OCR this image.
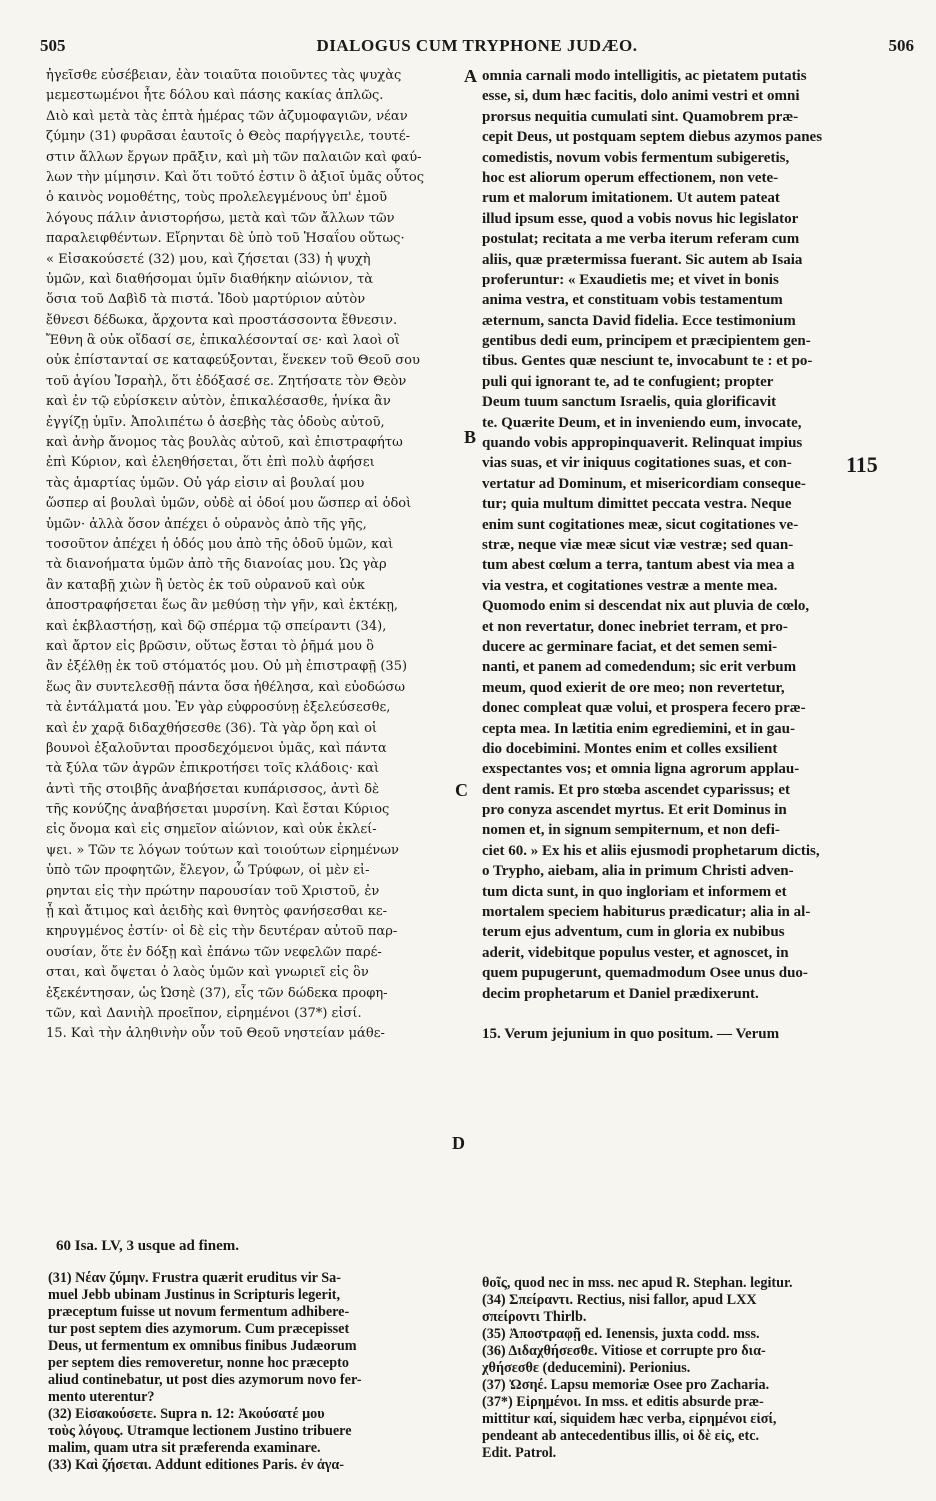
DIALOGUS CUM TRYPHONE JUDÆO.
505	506
ἡγεῖσθε εὐσέβειαν, ἐὰν τοιαῦτα ποιοῦντες τὰς ψυχὰς
μεμεστωμένοι ἦτε δόλου καὶ πάσης κακίας ἁπλῶς.
Διὸ καὶ μετὰ τὰς ἑπτὰ ἡμέρας τῶν ἀζυμοφαγιῶν, νέαν
ζύμην (31) φυρᾶσαι ἑαυτοῖς ὁ Θεὸς παρήγγειλε, τουτέ-
στιν ἄλλων ἔργων πρᾶξιν, καὶ μὴ τῶν παλαιῶν καὶ φαύ-
λων τὴν μίμησιν. Καὶ ὅτι τοῦτό ἐστιν ὃ ἀξιοῖ ὑμᾶς οὗτος
ὁ καινὸς νομοθέτης, τοὺς προλελεγμένους ὑπ' ἐμοῦ
λόγους πάλιν ἀνιστορήσω, μετὰ καὶ τῶν ἄλλων τῶν
παραλειφθέντων. Εἴρηνται δὲ ὑπὸ τοῦ Ἡσαΐου οὕτως·
« Εἰσακούσετέ (32) μου, καὶ ζήσεται (33) ἡ ψυχὴ
ὑμῶν, καὶ διαθήσομαι ὑμῖν διαθήκην αἰώνιον, τὰ
ὅσια τοῦ Δαβὶδ τὰ πιστά. Ἰδοὺ μαρτύριον αὐτὸν
ἔθνεσι δέδωκα, ἄρχοντα καὶ προστάσσοντα ἔθνεσιν.
Ἔθνη ἃ οὐκ οἴδασί σε, ἐπικαλέσονταί σε· καὶ λαοὶ οἳ
οὐκ ἐπίστανταί σε καταφεύξονται, ἕνεκεν τοῦ Θεοῦ σου
τοῦ ἁγίου Ἰσραὴλ, ὅτι ἐδόξασέ σε. Ζητήσατε τὸν Θεὸν
καὶ ἐν τῷ εὑρίσκειν αὐτὸν, ἐπικαλέσασθε, ἡνίκα ἂν
ἐγγίζῃ ὑμῖν. Ἀπολιπέτω ὁ ἀσεβὴς τὰς ὁδοὺς αὐτοῦ,
καὶ ἀνὴρ ἄνομος τὰς βουλὰς αὐτοῦ, καὶ ἐπιστραφήτω
ἐπὶ Κύριον, καὶ ἐλεηθήσεται, ὅτι ἐπὶ πολὺ ἀφήσει
τὰς ἁμαρτίας ὑμῶν. Οὐ γάρ εἰσιν αἱ βουλαί μου
ὥσπερ αἱ βουλαὶ ὑμῶν, οὐδὲ αἱ ὁδοί μου ὥσπερ αἱ ὁδοὶ
ὑμῶν· ἀλλὰ ὅσον ἀπέχει ὁ οὐρανὸς ἀπὸ τῆς γῆς,
τοσοῦτον ἀπέχει ἡ ὁδός μου ἀπὸ τῆς ὁδοῦ ὑμῶν, καὶ
τὰ διανοήματα ὑμῶν ἀπὸ τῆς διανοίας μου. Ὡς γὰρ
ἂν καταβῇ χιὼν ἢ ὑετὸς ἐκ τοῦ οὐρανοῦ καὶ οὐκ
ἀποστραφήσεται ἕως ἂν μεθύσῃ τὴν γῆν, καὶ ἐκτέκῃ,
καὶ ἐκβλαστήσῃ, καὶ δῷ σπέρμα τῷ σπείραντι (34),
καὶ ἄρτον εἰς βρῶσιν, οὕτως ἔσται τὸ ῥῆμά μου ὃ
ἂν ἐξέλθῃ ἐκ τοῦ στόματός μου. Οὐ μὴ ἐπιστραφῇ (35)
ἕως ἂν συντελεσθῇ πάντα ὅσα ἠθέλησα, καὶ εὐοδώσω
τὰ ἐντάλματά μου. Ἐν γὰρ εὐφροσύνῃ ἐξελεύσεσθε,
καὶ ἐν χαρᾷ διδαχθήσεσθε (36). Τὰ γὰρ ὄρη καὶ οἱ
βουνοὶ ἐξαλοῦνται προσδεχόμενοι ὑμᾶς, καὶ πάντα
τὰ ξύλα τῶν ἀγρῶν ἐπικροτήσει τοῖς κλάδοις· καὶ
ἀντὶ τῆς στοιβῆς ἀναβήσεται κυπάρισσος, ἀντὶ δὲ
τῆς κονύζης ἀναβήσεται μυρσίνη. Καὶ ἔσται Κύριος
εἰς ὄνομα καὶ εἰς σημεῖον αἰώνιον, καὶ οὐκ ἐκλεί-
ψει. » Τῶν τε λόγων τούτων καὶ τοιούτων εἰρημένων
ὑπὸ τῶν προφητῶν, ἔλεγον, ὦ Τρύφων, οἱ μὲν εἰ-
ρηνται εἰς τὴν πρώτην παρουσίαν τοῦ Χριστοῦ, ἐν
ᾗ καὶ ἄτιμος καὶ ἀειδὴς καὶ θνητὸς φανήσεσθαι κε-
κηρυγμένος ἐστίν· οἱ δὲ εἰς τὴν δευτέραν αὐτοῦ παρ-
ουσίαν, ὅτε ἐν δόξῃ καὶ ἐπάνω τῶν νεφελῶν παρέ-
σται, καὶ ὄψεται ὁ λαὸς ὑμῶν καὶ γνωριεῖ εἰς ὃν
ἐξεκέντησαν, ὡς Ὠσηὲ (37), εἷς τῶν δώδεκα προφη-
τῶν, καὶ Δανιὴλ προεῖπον, εἰρημένοι (37*) εἰσί.
15. Καὶ τὴν ἀληθινὴν οὖν τοῦ Θεοῦ νηστείαν μάθε-
omnia carnali modo intelligitis, ac pietatem putatis
esse, si, dum hæc facitis, dolo animi vestri et omni
prorsus nequitia cumulati sint. Quamobrem præ-
cepit Deus, ut postquam septem diebus azymos panes
comedistis, novum vobis fermentum subigeretis,
hoc est aliorum operum effectionem, non vete-
rum et malorum imitationem. Ut autem pateat
illud ipsum esse, quod a vobis novus hic legislator
postulat; recitata a me verba iterum referam cum
aliis, quæ prætermissa fuerant. Sic autem ab Isaia
proferuntur: « Exaudietis me; et vivet in bonis
anima vestra, et constituam vobis testamentum
æternum, sancta David fidelia. Ecce testimonium
gentibus dedi eum, principem et præcipientem gen-
tibus. Gentes quæ nesciunt te, invocabunt te : et po-
puli qui ignorant te, ad te confugient; propter
Deum tuum sanctum Israelis, quia glorificavit
te. Quærite Deum, et in inveniendo eum, invocate,
quando vobis appropinquaverit. Relinquat impius
vias suas, et vir iniquus cogitationes suas, et con-
vertatur ad Dominum, et misericordiam conseque-
tur; quia multum dimittet peccata vestra. Neque
enim sunt cogitationes meæ, sicut cogitationes ve-
stræ, neque viæ meæ sicut viæ vestræ; sed quan-
tum abest cœlum a terra, tantum abest via mea a
via vestra, et cogitationes vestræ a mente mea.
Quomodo enim si descendat nix aut pluvia de cœlo,
et non revertatur, donec inebriet terram, et pro-
ducere ac germinare faciat, et det semen semi-
nanti, et panem ad comedendum; sic erit verbum
meum, quod exierit de ore meo; non revertetur,
donec compleat quæ volui, et prospera fecero præ-
cepta mea. In lætitia enim egrediemini, et in gau-
dio docebimini. Montes enim et colles exsilient
exspectantes vos; et omnia ligna agrorum applau-
dent ramis. Et pro stœba ascendet cyparissus; et
pro conyza ascendet myrtus. Et erit Dominus in
nomen et, in signum sempiternum, et non defi-
ciet 60. » Ex his et aliis ejusmodi prophetarum dictis,
o Trypho, aiebam, alia in primum Christi adven-
tum dicta sunt, in quo ingloriam et informem et
mortalem speciem habiturus prædicatur; alia in al-
terum ejus adventum, cum in gloria ex nubibus
aderit, videbitque populus vester, et agnoscet, in
quem pupugerunt, quemadmodum Osee unus duo-
decim prophetarum et Daniel prædixerunt.
15. Verum jejunium in quo positum. — Verum
A
B
C
D
115
60 Isa. LV, 3 usque ad finem.
(31) Νέαν ζύμην. Frustra quærit eruditus vir Sa-
muel Jebb ubinam Justinus in Scripturis legerit,
præceptum fuisse ut novum fermentum adhibere-
tur post septem dies azymorum. Cum præcepisset
Deus, ut fermentum ex omnibus finibus Judæorum
per septem dies removeretur, nonne hoc præcepto
aliud continebatur, ut post dies azymorum novo fer-
mento uterentur?
(32) Εἰσακούσετε. Supra n. 12: Ἀκούσατέ μου
τοὺς λόγους. Utramque lectionem Justino tribuere
malim, quam utra sit præferenda examinare.
(33) Καὶ ζήσεται. Addunt editiones Paris. ἐν ἀγα-
θοῖς, quod nec in mss. nec apud R. Stephan. legitur.
(34) Σπείραντι. Rectius, nisi fallor, apud LXX
σπείροντι Thirlb.
(35) Ἀποστραφῇ ed. Ienensis, juxta codd. mss.
(36) Διδαχθήσεσθε. Vitiose et corrupte pro δια-
χθήσεσθε (deducemini). Perionius.
(37) Ὠσηέ. Lapsu memoriæ Osee pro Zacharia.
(37*) Εἰρημένοι. In mss. et editis absurde præ-
mittitur καί, siquidem hæc verba, εἰρημένοι εἰσί,
pendeant ab antecedentibus illis, οἱ δὲ εἰς, etc.
Edit. Patrol.
